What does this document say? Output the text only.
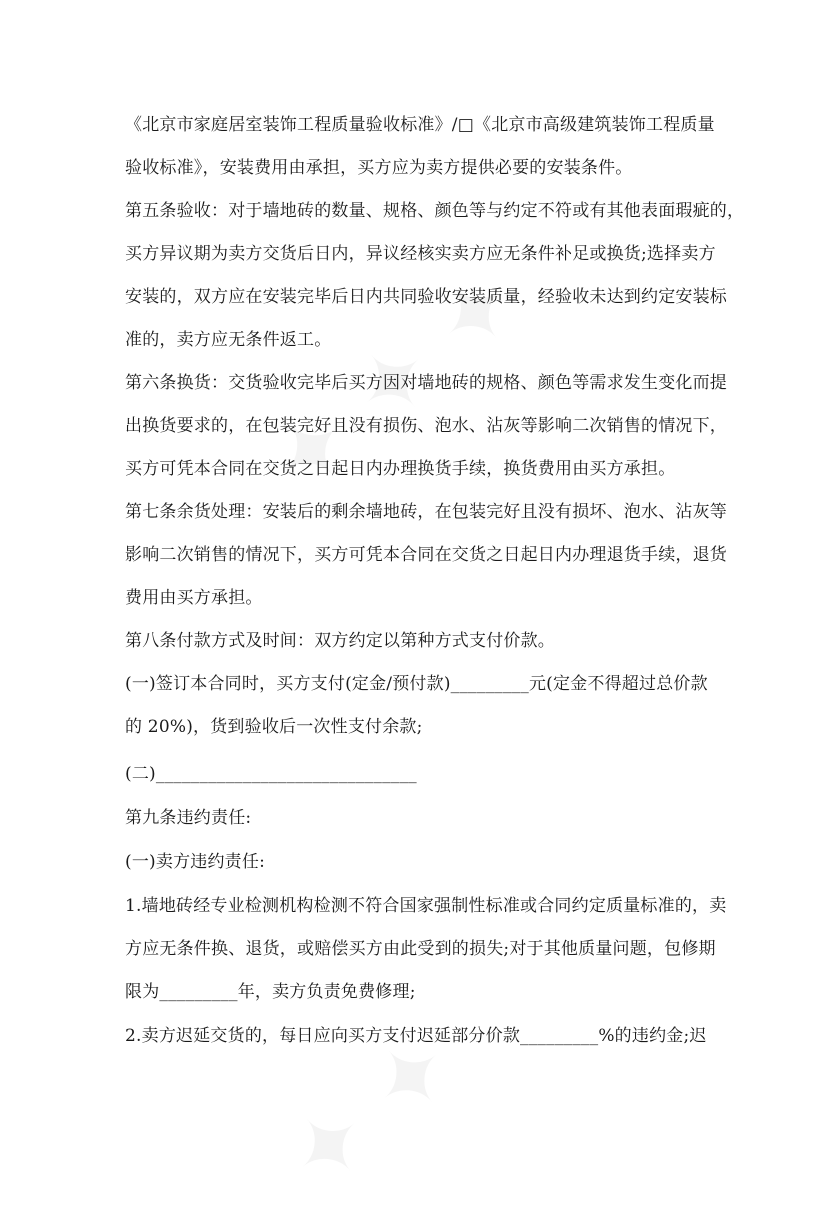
《北京市家庭居室装饰工程质量验收标准》/□《北京市高级建筑装饰工程质量
验收标准》，安装费用由承担，买方应为卖方提供必要的安装条件。
第五条验收：对于墙地砖的数量、规格、颜色等与约定不符或有其他表面瑕疵的，
买方异议期为卖方交货后日内，异议经核实卖方应无条件补足或换货;选择卖方
安装的，双方应在安装完毕后日内共同验收安装质量，经验收未达到约定安装标
准的，卖方应无条件返工。
第六条换货：交货验收完毕后买方因对墙地砖的规格、颜色等需求发生变化而提
出换货要求的，在包装完好且没有损伤、泡水、沾灰等影响二次销售的情况下，
买方可凭本合同在交货之日起日内办理换货手续，换货费用由买方承担。
第七条余货处理：安装后的剩余墙地砖，在包装完好且没有损坏、泡水、沾灰等
影响二次销售的情况下，买方可凭本合同在交货之日起日内办理退货手续，退货
费用由买方承担。
第八条付款方式及时间：双方约定以第种方式支付价款。
(一)签订本合同时，买方支付(定金/预付款)_________元(定金不得超过总价款
的 20%)，货到验收后一次性支付余款;
(二)______________________________
第九条违约责任:
(一)卖方违约责任:
1.墙地砖经专业检测机构检测不符合国家强制性标准或合同约定质量标准的，卖
方应无条件换、退货，或赔偿买方由此受到的损失;对于其他质量问题，包修期
限为_________年，卖方负责免费修理;
2.卖方迟延交货的，每日应向买方支付迟延部分价款_________%的违约金;迟
